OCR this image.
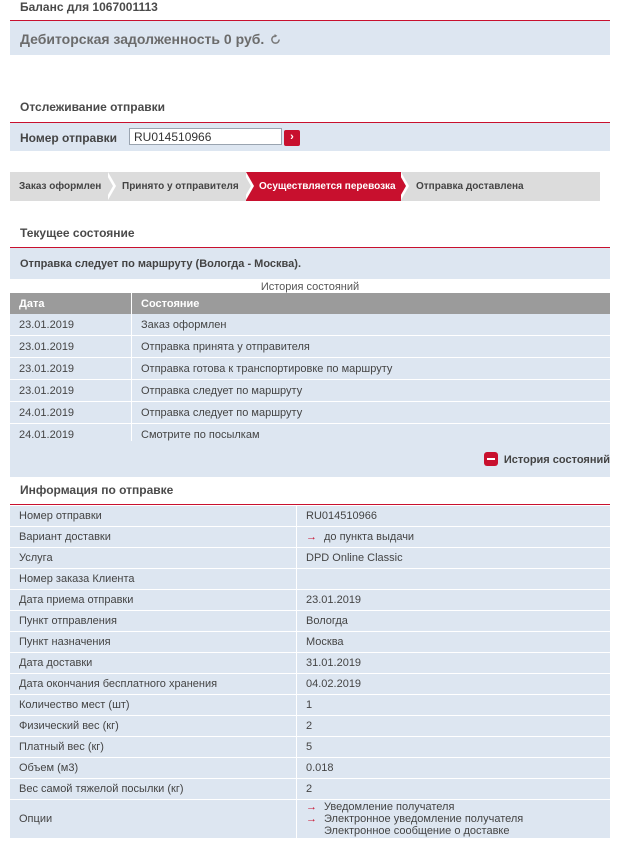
Баланс для 1067001113
Дебиторская задолженность 0 руб.
Отслеживание отправки
Номер отправки
RU014510966	›
Заказ оформлен Принято у отправителя Осуществляется перевозка Отправка доставлена
Текущее состояние
Отправка следует по маршруту (Вологда - Москва).
История состояний
Дата	Состояние
23.01.2019	Заказ оформлен
23.01.2019	Отправка принята у отправителя
23.01.2019	Отправка готова к транспортировке по маршруту
23.01.2019	Отправка следует по маршруту
24.01.2019	Отправка следует по маршруту
24.01.2019	Смотрите по посылкам
История состояний
Информация по отправке
Номер отправки	RU014510966
Вариант доставки	→ до пункта выдачи
Услуга	DPD Online Classic
Номер заказа Клиента	
Дата приема отправки	23.01.2019
Пункт отправления	Вологда
Пункт назначения	Москва
Дата доставки	31.01.2019
Дата окончания бесплатного хранения	04.02.2019
Количество мест (шт)	1
Физический вес (кг)	2
Платный вес (кг)	5
Объем (м3)	0.018
Вес самой тяжелой посылки (кг)	2
Опции	→ Уведомление получателя
→ Электронное уведомление получателя
Электронное сообщение о доставке
